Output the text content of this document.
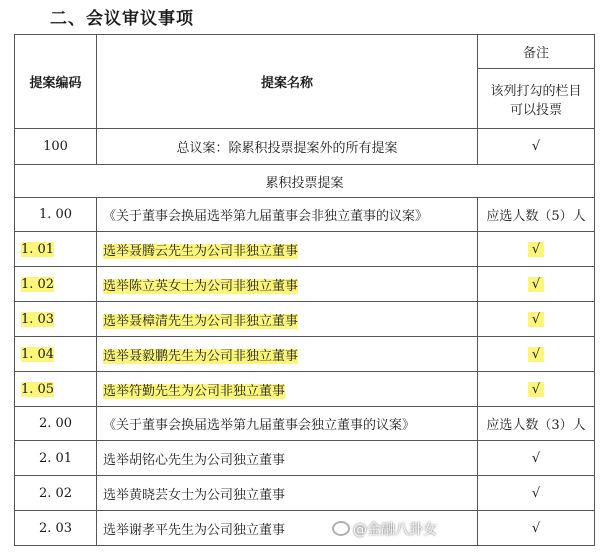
二、会议审议事项
提案编码	提案名称	备注

		该列打勾的栏目
可以投票

100	总议案：除累积投票提案外的所有提案	√
累积投票提案		
1. 00	《关于董事会换届选举第九届董事会非独立董事的议案》	应选人数（5）人
1. 01	选举聂腾云先生为公司非独立董事	√
1. 02	选举陈立英女士为公司非独立董事	√
1. 03	选举聂樟清先生为公司非独立董事	√
1. 04	选举聂毅鹏先生为公司非独立董事	√
1. 05	选举符勤先生为公司非独立董事	√
2. 00	《关于董事会换届选举第九届董事会独立董事的议案》	应选人数（3）人
2. 01	选举胡铭心先生为公司独立董事	√
2. 02	选举黄晓芸女士为公司独立董事	√
2. 03	选举谢孝平先生为公司独立董事	√
@金融八卦女
